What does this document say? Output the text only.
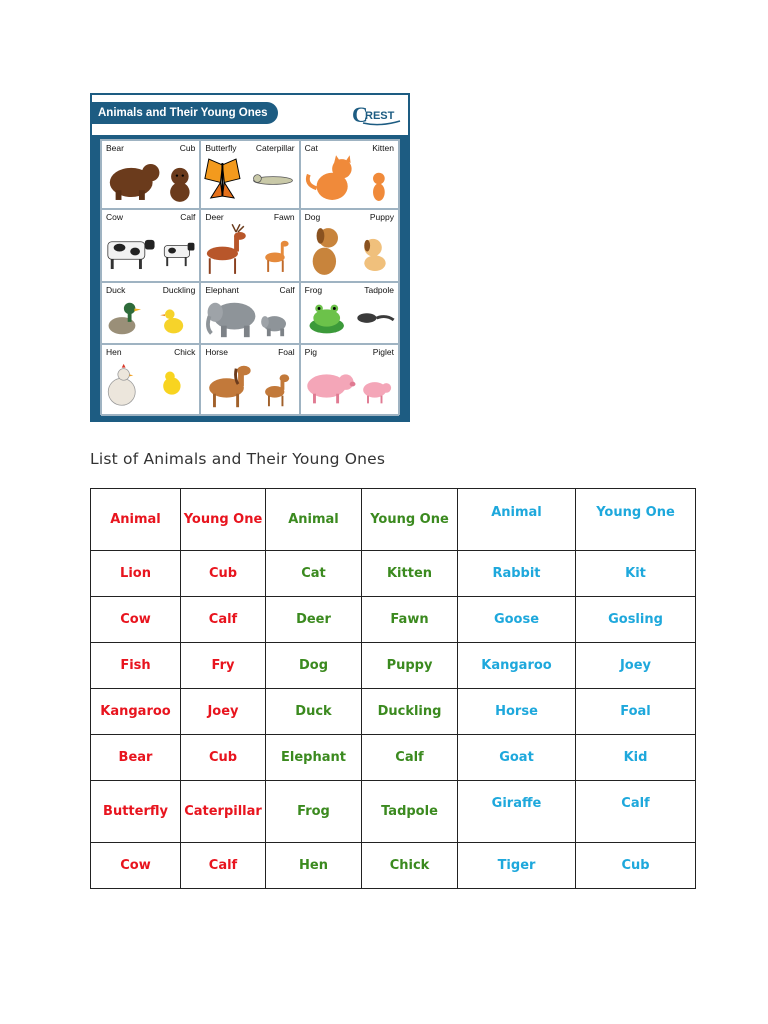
Animals and Their Young Ones	C
REST
Bear	Cub Butterfly Caterpillar Cat	Kitten
Cow	Calf Deer	Fawn Dog	Puppy
Duck	Duckling Elephant	Calf Frog	Tadpole
Hen	Chick Horse	Foal Pig	Piglet
List of Animals and Their Young Ones
Animal	Young One	Animal	Young One	Animal	Young One
Lion	Cub	Cat	Kitten	Rabbit	Kit
Cow	Calf	Deer	Fawn	Goose	Gosling
Fish	Fry	Dog	Puppy	Kangaroo	Joey
Kangaroo	Joey	Duck	Duckling	Horse	Foal
Bear	Cub	Elephant	Calf	Goat	Kid
Butterfly	Caterpillar	Frog	Tadpole	Giraffe	Calf
Cow	Calf	Hen	Chick	Tiger	Cub
